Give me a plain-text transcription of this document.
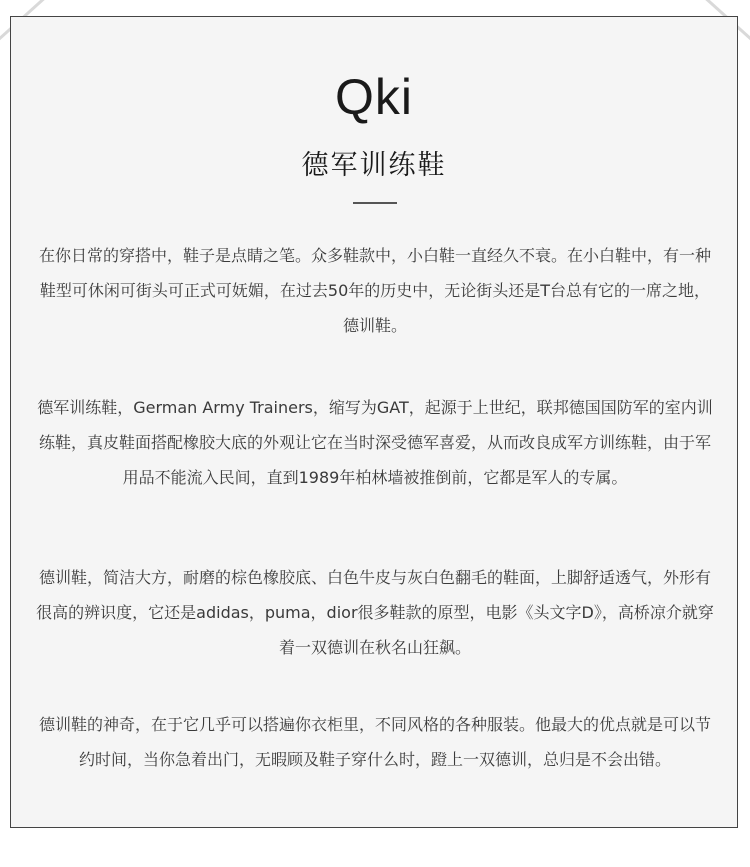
Qki
德军训练鞋

在你日常的穿搭中，鞋子是点睛之笔。众多鞋款中，小白鞋一直经久不衰。在小白鞋中，有一种鞋型可休闲可街头可正式可妩媚，在过去50年的历史中，无论街头还是T台总有它的一席之地，德训鞋。

德军训练鞋，German Army Trainers，缩写为GAT，起源于上世纪，联邦德国国防军的室内训练鞋，真皮鞋面搭配橡胶大底的外观让它在当时深受德军喜爱，从而改良成军方训练鞋，由于军用品不能流入民间，直到1989年柏林墙被推倒前，它都是军人的专属。

德训鞋，简洁大方，耐磨的棕色橡胶底、白色牛皮与灰白色翻毛的鞋面，上脚舒适透气，外形有很高的辨识度，它还是adidas，puma，dior很多鞋款的原型，电影《头文字D》，高桥凉介就穿着一双德训在秋名山狂飙。

德训鞋的神奇，在于它几乎可以搭遍你衣柜里，不同风格的各种服装。他最大的优点就是可以节约时间，当你急着出门，无暇顾及鞋子穿什么时，蹬上一双德训，总归是不会出错。
